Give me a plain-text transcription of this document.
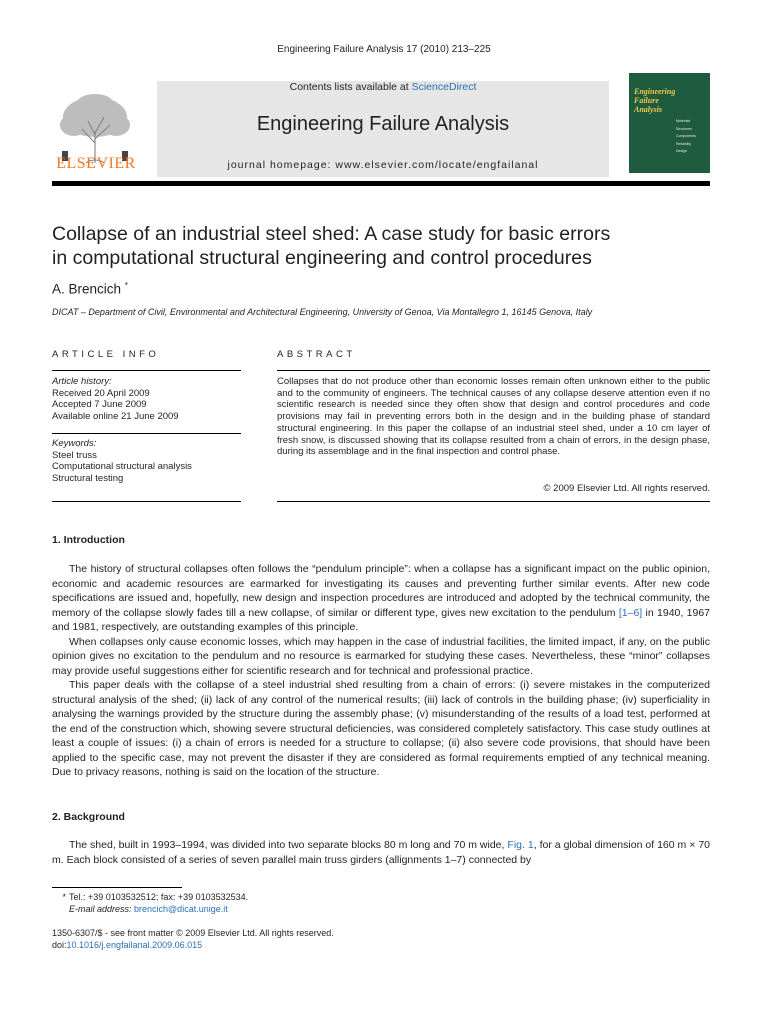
Engineering Failure Analysis 17 (2010) 213–225
ELSEVIER
Contents lists available at ScienceDirect
Engineering Failure Analysis
journal homepage: www.elsevier.com/locate/engfailanal
Engineering
Failure
Analysis
Materials
Structures
Components
Reliability
Design
Collapse of an industrial steel shed: A case study for basic errors
in computational structural engineering and control procedures
A. Brencich *
DICAT – Department of Civil, Environmental and Architectural Engineering, University of Genoa, Via Montallegro 1, 16145 Genova, Italy
ARTICLE INFO
Article history:
Received 20 April 2009
Accepted 7 June 2009
Available online 21 June 2009
Keywords:
Steel truss
Computational structural analysis
Structural testing
ABSTRACT
Collapses that do not produce other than economic losses remain often unknown either to the public and to the community of engineers. The technical causes of any collapse deserve attention even if no scientific research is needed since they often show that design and control procedures and code provisions may fail in preventing errors both in the design and in the building phase of standard structural engineering. In this paper the collapse of an industrial steel shed, under a 10 cm layer of fresh snow, is discussed showing that its collapse resulted from a chain of errors, in the design phase, during its assemblage and in the final inspection and control phase.
© 2009 Elsevier Ltd. All rights reserved.
1. Introduction

The history of structural collapses often follows the “pendulum principle”: when a collapse has a significant impact on the public opinion, economic and academic resources are earmarked for investigating its causes and preventing further similar events. After new code specifications are issued and, hopefully, new design and inspection procedures are introduced and adopted by the technical community, the memory of the collapse slowly fades till a new collapse, of similar or different type, gives new excitation to the pendulum [1–6] in 1940, 1967 and 1981, respectively, are outstanding examples of this principle.

When collapses only cause economic losses, which may happen in the case of industrial facilities, the limited impact, if any, on the public opinion gives no excitation to the pendulum and no resource is earmarked for studying these cases. Nevertheless, these “minor” collapses may provide useful suggestions either for scientific research and for technical and professional practice.

This paper deals with the collapse of a steel industrial shed resulting from a chain of errors: (i) severe mistakes in the computerized structural analysis of the shed; (ii) lack of any control of the numerical results; (iii) lack of controls in the building phase; (iv) superficiality in analysing the warnings provided by the structure during the assembly phase; (v) misunderstanding of the results of a load test, performed at the end of the construction which, showing severe structural deficiencies, was considered completely satisfactory. This case study outlines at least a couple of issues: (i) a chain of errors is needed for a structure to collapse; (ii) also severe code provisions, that should have been applied to the specific case, may not prevent the disaster if they are considered as formal requirements emptied of any technical meaning. Due to privacy reasons, nothing is said on the location of the structure.

2. Background

The shed, built in 1993–1994, was divided into two separate blocks 80 m long and 70 m wide, Fig. 1, for a global dimension of 160 m × 70 m. Each block consisted of a series of seven parallel main truss girders (allignments 1–7) connected by

* Tel.: +39 0103532512; fax: +39 0103532534.
E-mail address: brencich@dicat.unige.it
1350-6307/$ - see front matter © 2009 Elsevier Ltd. All rights reserved.
doi:10.1016/j.engfailanal.2009.06.015
